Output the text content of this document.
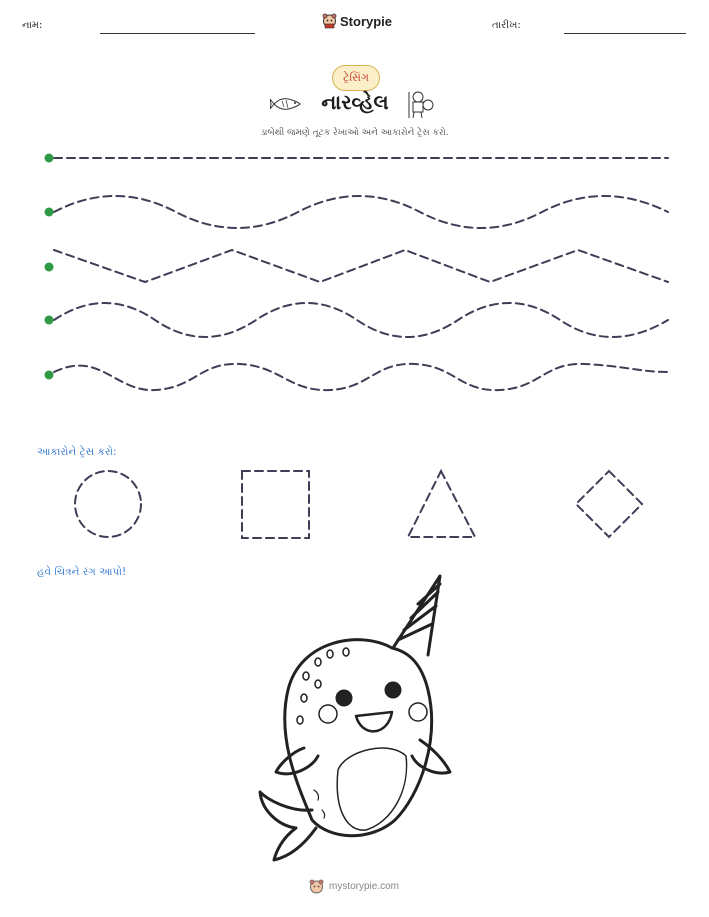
નામ:	Storypie	તારીખ:
ટ્રેસિંગ
નારવ્હેલ
ડાબેથી જમણે તૂટક રેખાઓ અને આકારોને ટ્રેસ કરો.
આકારોને ટ્રેસ કરો:
હવે ચિત્રને રંગ આપો!
mystorypie.com
